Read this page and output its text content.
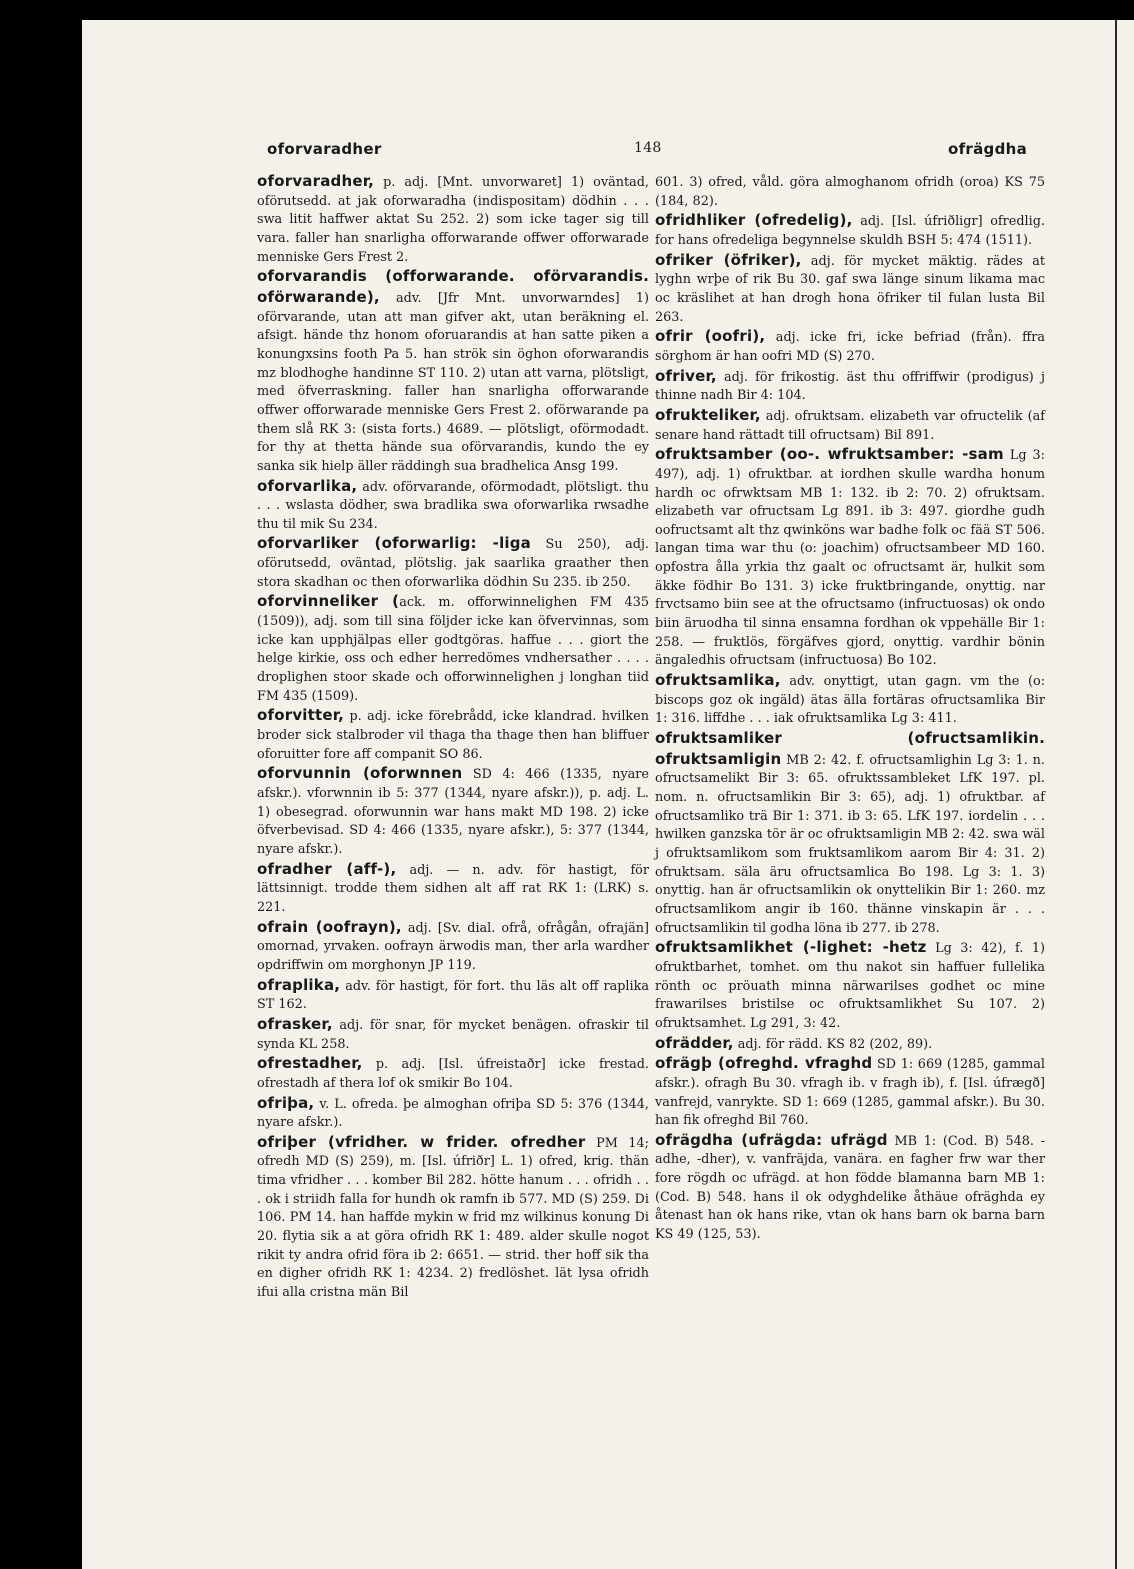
oforvaradher	148	ofrägdha

oforvaradher, p. adj. [Mnt. unvorwaret] 1) oväntad, oförutsedd. at jak oforwaradha (indispositam) dödhin . . . swa litit haffwer aktat Su 252. 2) som icke tager sig till vara. faller han snarligha offorwarande offwer offorwarade menniske Gers Frest 2.

oforvarandis (offorwarande. oförvarandis. oförwarande), adv. [Jfr Mnt. unvorwarndes] 1) oförvarande, utan att man gifver akt, utan beräkning el. afsigt. hände thz honom oforuarandis at han satte piken a konungxsins footh Pa 5. han strök sin öghon oforwarandis mz blodhoghe handinne ST 110. 2) utan att varna, plötsligt, med öfverraskning. faller han snarligha offorwarande offwer offorwarade menniske Gers Frest 2. oförwarande pa them slå RK 3: (sista forts.) 4689. — plötsligt, oförmodadt. for thy at thetta hände sua oförvarandis, kundo the ey sanka sik hielp äller räddingh sua bradhelica Ansg 199.

oforvarlika, adv. oförvarande, oförmodadt, plötsligt. thu . . . wslasta dödher, swa bradlika swa oforwarlika rwsadhe thu til mik Su 234.

oforvarliker (oforwarlig: -liga Su 250), adj. oförutsedd, oväntad, plötslig. jak saarlika graather then stora skadhan oc then oforwarlika dödhin Su 235. ib 250.

oforvinneliker (ack. m. offorwinnelighen FM 435 (1509)), adj. som till sina följder icke kan öfvervinnas, som icke kan upphjälpas eller godtgöras. haffue . . . giort the helge kirkie, oss och edher herredömes vndhersather . . . . droplighen stoor skade och offorwinnelighen j longhan tiid FM 435 (1509).

oforvitter, p. adj. icke förebrådd, icke klandrad. hvilken broder sick stalbroder vil thaga tha thage then han bliffuer oforuitter fore aff companit SO 86.

oforvunnin (oforwnnen SD 4: 466 (1335, nyare afskr.). vforwnnin ib 5: 377 (1344, nyare afskr.)), p. adj. L. 1) obesegrad. oforwunnin war hans makt MD 198. 2) icke öfverbevisad. SD 4: 466 (1335, nyare afskr.), 5: 377 (1344, nyare afskr.).

ofradher (aff-), adj. — n. adv. för hastigt, för lättsinnigt. trodde them sidhen alt aff rat RK 1: (LRK) s. 221.

ofrain (oofrayn), adj. [Sv. dial. ofrå, ofrågån, ofrajän] omornad, yrvaken. oofrayn ärwodis man, ther arla wardher opdriffwin om morghonyn JP 119.

ofraplika, adv. för hastigt, för fort. thu läs alt off raplika ST 162.

ofrasker, adj. för snar, för mycket benägen. ofraskir til synda KL 258.

ofrestadher, p. adj. [Isl. úfreistaðr] icke frestad. ofrestadh af thera lof ok smikir Bo 104.

ofriþa, v. L. ofreda. þe almoghan ofriþa SD 5: 376 (1344, nyare afskr.).

ofriþer (vfridher. w frider. ofredher PM 14; ofredh MD (S) 259), m. [Isl. úfriðr] L. 1) ofred, krig. thän tima vfridher . . . komber Bil 282. hötte hanum . . . ofridh . . . ok i striidh falla for hundh ok ramfn ib 577. MD (S) 259. Di 106. PM 14. han haffde mykin w frid mz wilkinus konung Di 20. flytia sik a at göra ofridh RK 1: 489. alder skulle nogot rikit ty andra ofrid föra ib 2: 6651. — strid. ther hoff sik tha en digher ofridh RK 1: 4234. 2) fredlöshet. lät lysa ofridh ifui alla cristna män Bil

601. 3) ofred, våld. göra almoghanom ofridh (oroa) KS 75 (184, 82).

ofridhliker (ofredelig), adj. [Isl. úfriðligr] ofredlig. for hans ofredeliga begynnelse skuldh BSH 5: 474 (1511).

ofriker (öfriker), adj. för mycket mäktig. rädes at lyghn wrþe of rik Bu 30. gaf swa länge sinum likama mac oc kräslihet at han drogh hona öfriker til fulan lusta Bil 263.

ofrir (oofri), adj. icke fri, icke befriad (från). ffra sörghom är han oofri MD (S) 270.

ofriver, adj. för frikostig. äst thu offriffwir (prodigus) j thinne nadh Bir 4: 104.

ofrukteliker, adj. ofruktsam. elizabeth var ofructelik (af senare hand rättadt till ofructsam) Bil 891.

ofruktsamber (oo-. wfruktsamber: -sam Lg 3: 497), adj. 1) ofruktbar. at iordhen skulle wardha honum hardh oc ofrwktsam MB 1: 132. ib 2: 70. 2) ofruktsam. elizabeth var ofructsam Lg 891. ib 3: 497. giordhe gudh oofructsamt alt thz qwinköns war badhe folk oc fää ST 506. langan tima war thu (o: joachim) ofructsambeer MD 160. opfostra ålla yrkia thz gaalt oc ofructsamt är, hulkit som äkke födhir Bo 131. 3) icke fruktbringande, onyttig. nar frvctsamo biin see at the ofructsamo (infructuosas) ok ondo biin äruodha til sinna ensamna fordhan ok vppehälle Bir 1: 258. — fruktlös, förgäfves gjord, onyttig. vardhir bönin ängaledhis ofructsam (infructuosa) Bo 102.

ofruktsamlika, adv. onyttigt, utan gagn. vm the (o: biscops goz ok ingäld) ätas älla fortäras ofructsamlika Bir 1: 316. liffdhe . . . iak ofruktsamlika Lg 3: 411.

ofruktsamliker (ofructsamlikin. ofruktsamligin MB 2: 42. f. ofructsamlighin Lg 3: 1. n. ofructsamelikt Bir 3: 65. ofruktssambleket LfK 197. pl. nom. n. ofructsamlikin Bir 3: 65), adj. 1) ofruktbar. af ofructsamliko trä Bir 1: 371. ib 3: 65. LfK 197. iordelin . . . hwilken ganzska tör är oc ofruktsamligin MB 2: 42. swa wäl j ofruktsamlikom som fruktsamlikom aarom Bir 4: 31. 2) ofruktsam. säla äru ofructsamlica Bo 198. Lg 3: 1. 3) onyttig. han är ofructsamlikin ok onyttelikin Bir 1: 260. mz ofructsamlikom angir ib 160. thänne vinskapin är . . . ofructsamlikin til godha löna ib 277. ib 278.

ofruktsamlikhet (-lighet: -hetz Lg 3: 42), f. 1) ofruktbarhet, tomhet. om thu nakot sin haffuer fullelika rönth oc pröuath minna närwarilses godhet oc mine frawarilses bristilse oc ofruktsamlikhet Su 107. 2) ofruktsamhet. Lg 291, 3: 42.

ofrädder, adj. för rädd. KS 82 (202, 89).

ofrägþ (ofreghd. vfraghd SD 1: 669 (1285, gammal afskr.). ofragh Bu 30. vfragh ib. v fragh ib), f. [Isl. úfrægð] vanfrejd, vanrykte. SD 1: 669 (1285, gammal afskr.). Bu 30. han fik ofreghd Bil 760.

ofrägdha (ufrägda: ufrägd MB 1: (Cod. B) 548. -adhe, -dher), v. vanfräjda, vanära. en fagher frw war ther fore rögdh oc ufrägd. at hon födde blamanna barn MB 1: (Cod. B) 548. hans il ok odyghdelike åthäue ofräghda ey åtenast han ok hans rike, vtan ok hans barn ok barna barn KS 49 (125, 53).
